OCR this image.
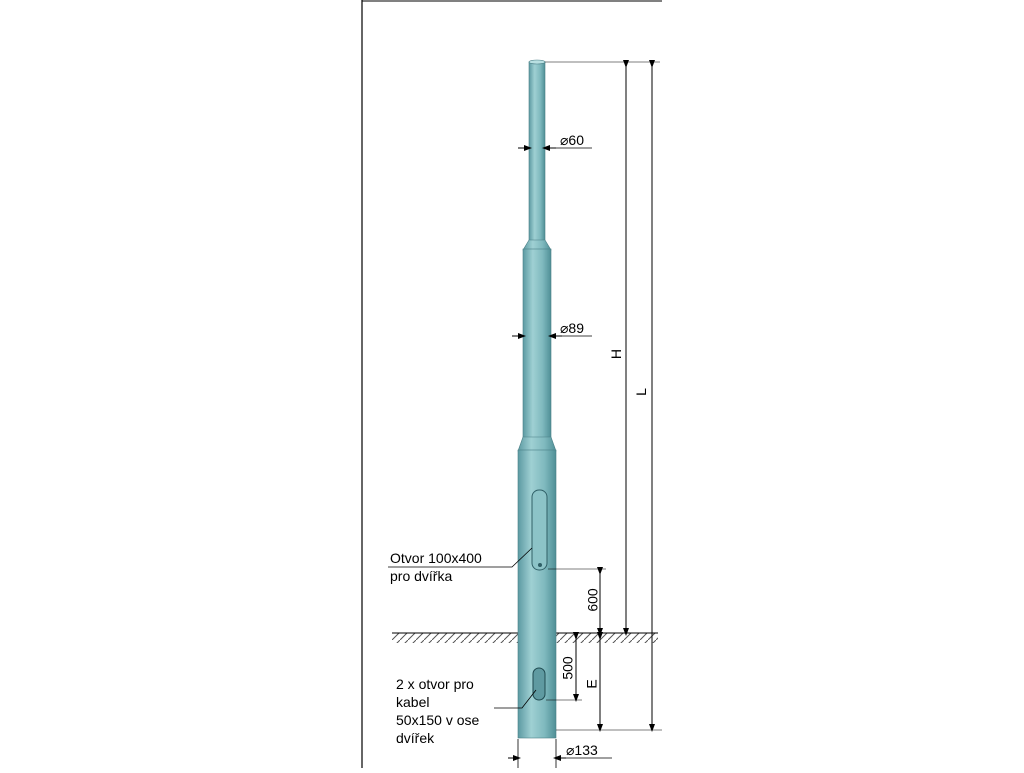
⌀60
⌀89
⌀133
H
L
600
500
E
Otvor 100x400
pro dvířka
2 x otvor pro
kabel
50x150 v ose
dvířek
